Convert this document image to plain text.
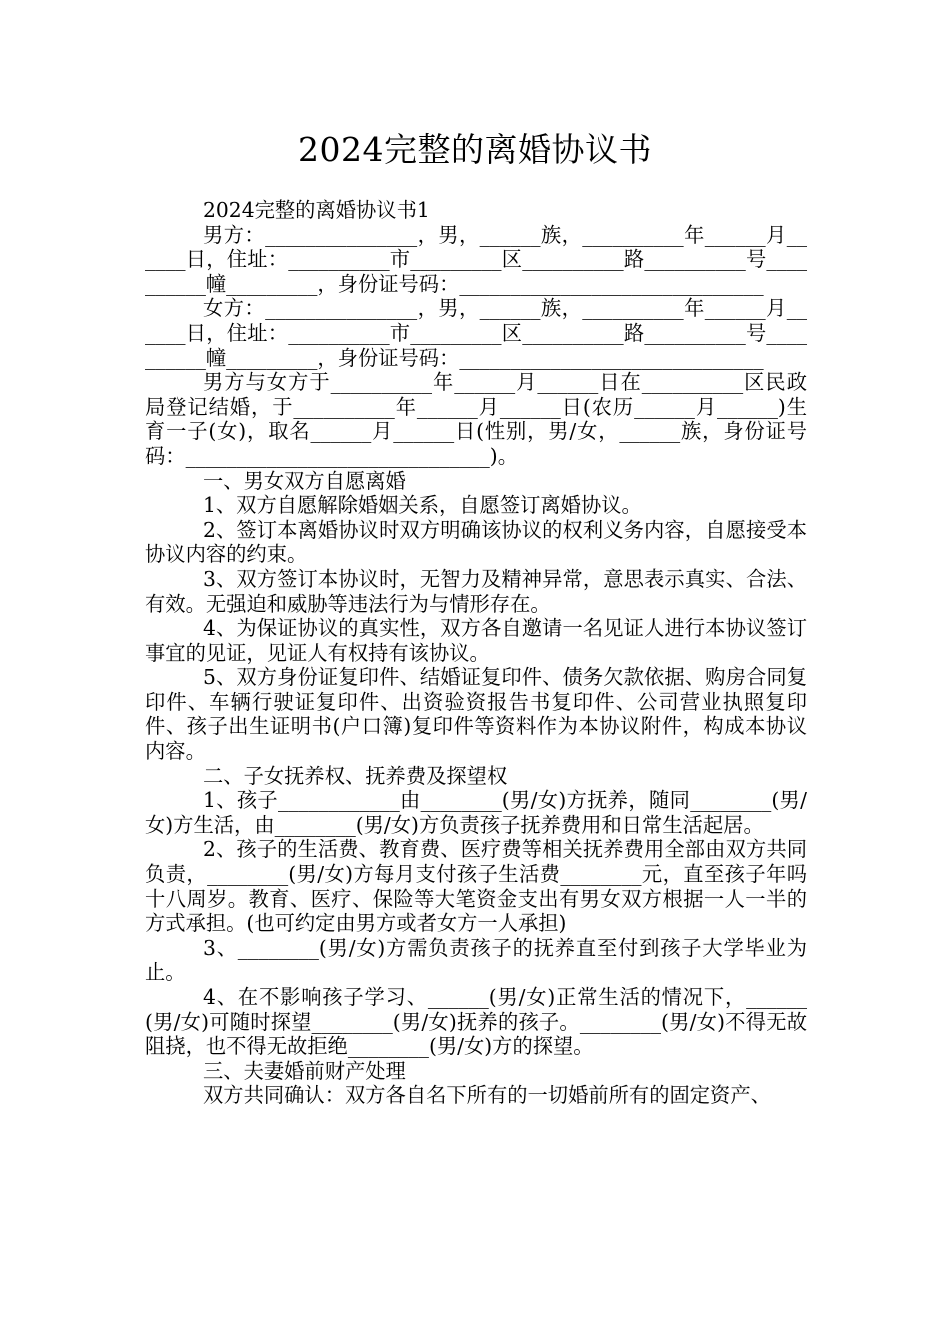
2024完整的离婚协议书

2024完整的离婚协议书1

男方：_______________，男，______族，__________年______月______日，住址：__________市_________区__________路__________号__________幢_________，身份证号码：______________________________

女方：_______________，男，______族，__________年______月______日，住址：__________市_________区__________路__________号__________幢_________，身份证号码：______________________________

男方与女方于__________年______月______日在__________区民政局登记结婚，于__________年______月______日(农历______月______)生育一子(女)，取名______月______日(性别，男/女，______族，身份证号码：______________________________)。

一、男女双方自愿离婚

1、双方自愿解除婚姻关系，自愿签订离婚协议。

2、签订本离婚协议时双方明确该协议的权利义务内容，自愿接受本协议内容的约束。

3、双方签订本协议时，无智力及精神异常，意思表示真实、合法、有效。无强迫和威胁等违法行为与情形存在。

4、为保证协议的真实性，双方各自邀请一名见证人进行本协议签订事宜的见证，见证人有权持有该协议。

5、双方身份证复印件、结婚证复印件、债务欠款依据、购房合同复印件、车辆行驶证复印件、出资验资报告书复印件、公司营业执照复印件、孩子出生证明书(户口簿)复印件等资料作为本协议附件，构成本协议内容。

二、子女抚养权、抚养费及探望权

1、孩子____________由________(男/女)方抚养，随同________(男/女)方生活，由________(男/女)方负责孩子抚养费用和日常生活起居。

2、孩子的生活费、教育费、医疗费等相关抚养费用全部由双方共同负责，________(男/女)方每月支付孩子生活费________元，直至孩子年吗十八周岁。教育、医疗、保险等大笔资金支出有男女双方根据一人一半的方式承担。(也可约定由男方或者女方一人承担)

3、________(男/女)方需负责孩子的抚养直至付到孩子大学毕业为止。

4、在不影响孩子学习、______(男/女)正常生活的情况下，______(男/女)可随时探望________(男/女)抚养的孩子。________(男/女)不得无故阻挠，也不得无故拒绝________(男/女)方的探望。

三、夫妻婚前财产处理

双方共同确认：双方各自名下所有的一切婚前所有的固定资产、
